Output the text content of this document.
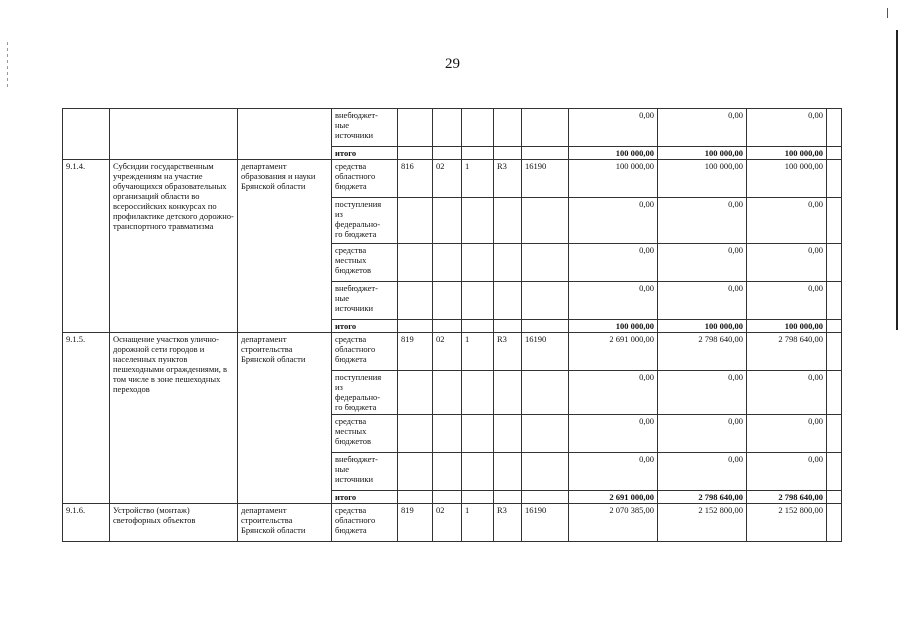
29
			внебюджет-
ные
источники						0,00	0,00	0,00	
			итого						100 000,00	100 000,00	100 000,00	
9.1.4.	Субсидии государственным учреждениям на участие обучающихся образовательных организаций области во всероссийских конкурсах по профилактике детского дорожно-транспортного травматизма	департамент образования и науки Брянской области	средства
областного
бюджета	816	02	1	R3	16190	100 000,00	100 000,00	100 000,00	
			поступления
из
федерально-
го бюджета						0,00	0,00	0,00	
			средства
местных
бюджетов						0,00	0,00	0,00	
			внебюджет-
ные
источники						0,00	0,00	0,00	
			итого						100 000,00	100 000,00	100 000,00	
9.1.5.	Оснащение участков улично-дорожной сети городов и населенных пунктов пешеходными ограждениями, в том числе в зоне пешеходных переходов	департамент строительства Брянской области	средства
областного
бюджета	819	02	1	R3	16190	2 691 000,00	2 798 640,00	2 798 640,00	
			поступления
из
федерально-
го бюджета						0,00	0,00	0,00	
			средства
местных
бюджетов						0,00	0,00	0,00	
			внебюджет-
ные
источники						0,00	0,00	0,00	
			итого						2 691 000,00	2 798 640,00	2 798 640,00	
9.1.6.	Устройство (монтаж) светофорных объектов	департамент строительства Брянской области	средства
областного
бюджета	819	02	1	R3	16190	2 070 385,00	2 152 800,00	2 152 800,00	
